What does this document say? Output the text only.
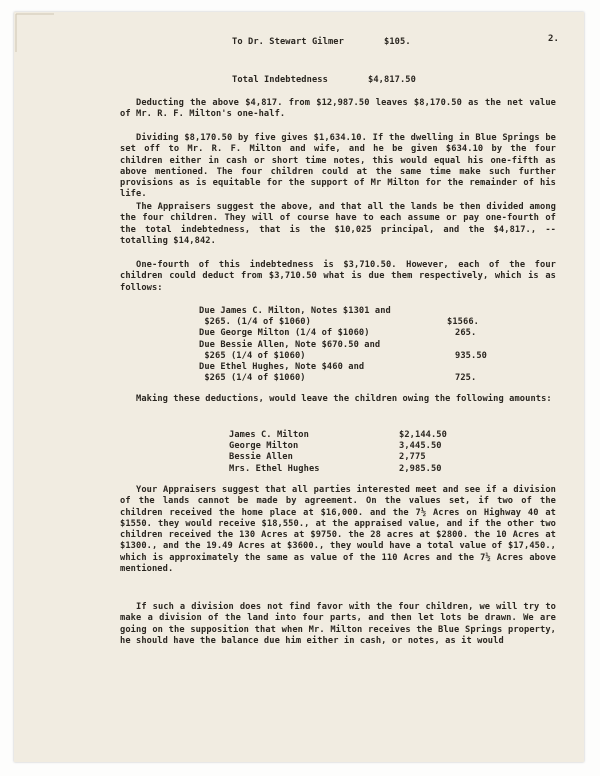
2.
To Dr. Stewart Gilmer	$105.
Total Indebtedness	$4,817.50
Deducting the above $4,817. from $12,987.50 leaves $8,170.50 as the net value of Mr. R. F. Milton's one-half.
Dividing $8,170.50 by five gives $1,634.10. If the dwelling in Blue Springs be set off to Mr. R. F. Milton and wife, and he be given $634.10 by the four children either in cash or short time notes, this would equal his one-fifth as above mentioned. The four children could at the same time make such further provisions as is equitable for the support of Mr Milton for the remainder of his life.
The Appraisers suggest the above, and that all the lands be then divided among the four children. They will of course have to each assume or pay one-fourth of the total indebtedness, that is the $10,025 principal, and the $4,817., -- totalling $14,842.
One-fourth of this indebtedness is $3,710.50. However, each of the four children could deduct from $3,710.50 what is due them respectively, which is as follows:
Due James C. Milton, Notes $1301 and
$265. (1/4 of $1060)	$1566.
Due George Milton (1/4 of $1060)	265.
Due Bessie Allen, Note $670.50 and
$265 (1/4 of $1060)	935.50
Due Ethel Hughes, Note $460 and
$265 (1/4 of $1060)	725.
Making these deductions, would leave the children owing the following amounts:
James C. Milton	$2,144.50
George Milton	3,445.50
Bessie Allen	2,775
Mrs. Ethel Hughes	2,985.50
Your Appraisers suggest that all parties interested meet and see if a division of the lands cannot be made by agreement. On the values set, if two of the children received the home place at $16,000. and the 7½ Acres on Highway 40 at $1550. they would receive $18,550., at the appraised value, and if the other two children received the 130 Acres at $9750. the 28 acres at $2800. the 10 Acres at $1300., and the 19.49 Acres at $3600., they would have a total value of $17,450., which is approximately the same as value of the 110 Acres and the 7½ Acres above mentioned.
If such a division does not find favor with the four children, we will try to make a division of the land into four parts, and then let lots be drawn. We are going on the supposition that when Mr. Milton receives the Blue Springs property, he should have the balance due him either in cash, or notes, as it would
